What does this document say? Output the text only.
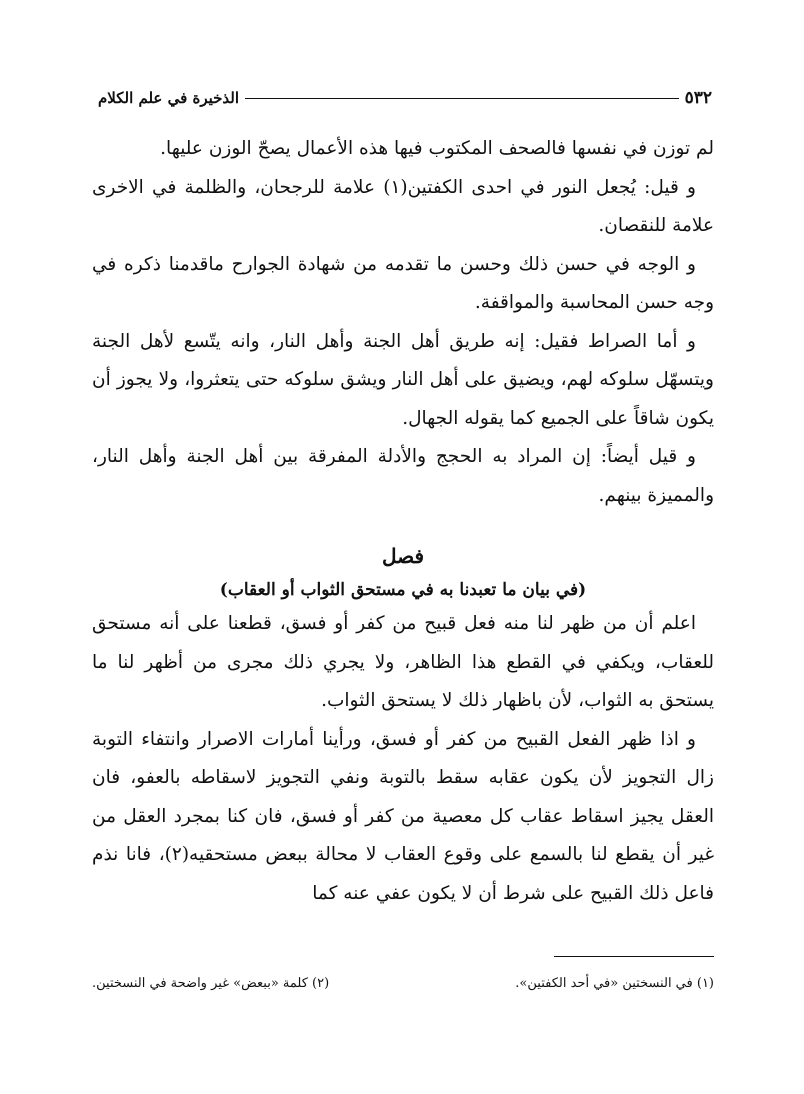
الذخيرة في علم الكلام	٥٣٢

لم توزن في نفسها فالصحف المكتوب فيها هذه الأعمال يصحّ الوزن عليها.

و قيل: يُجعل النور في احدى الكفتين(١) علامة للرجحان، والظلمة في الاخرى علامة للنقصان.

و الوجه في حسن ذلك وحسن ما تقدمه من شهادة الجوارح ماقدمنا ذكره في وجه حسن المحاسبة والمواقفة.

و أما الصراط فقيل: إنه طريق أهل الجنة وأهل النار، وانه يتّسع لأهل الجنة ويتسهّل سلوكه لهم، ويضيق على أهل النار ويشق سلوكه حتى يتعثروا، ولا يجوز أن يكون شاقاً على الجميع كما يقوله الجهال.

و قيل أيضاً: إن المراد به الحجج والأدلة المفرقة بين أهل الجنة وأهل النار، والمميزة بينهم.

فصل

(في بيان ما تعبدنا به في مستحق الثواب أو العقاب)

اعلم أن من ظهر لنا منه فعل قبيح من كفر أو فسق، قطعنا على أنه مستحق للعقاب، ويكفي في القطع هذا الظاهر، ولا يجري ذلك مجرى من أظهر لنا ما يستحق به الثواب، لأن باظهار ذلك لا يستحق الثواب.

و اذا ظهر الفعل القبيح من كفر أو فسق، ورأينا أمارات الاصرار وانتفاء التوبة زال التجويز لأن يكون عقابه سقط بالتوبة ونفي التجويز لاسقاطه بالعفو، فان العقل يجيز اسقاط عقاب كل معصية من كفر أو فسق، فان كنا بمجرد العقل من غير أن يقطع لنا بالسمع على وقوع العقاب لا محالة ببعض مستحقيه(٢)، فانا نذم فاعل ذلك القبيح على شرط أن لا يكون عفي عنه كما

(١) في النسختين «في أحد الكفتين».
(٢) كلمة «ببعض» غير واضحة في النسختين.
